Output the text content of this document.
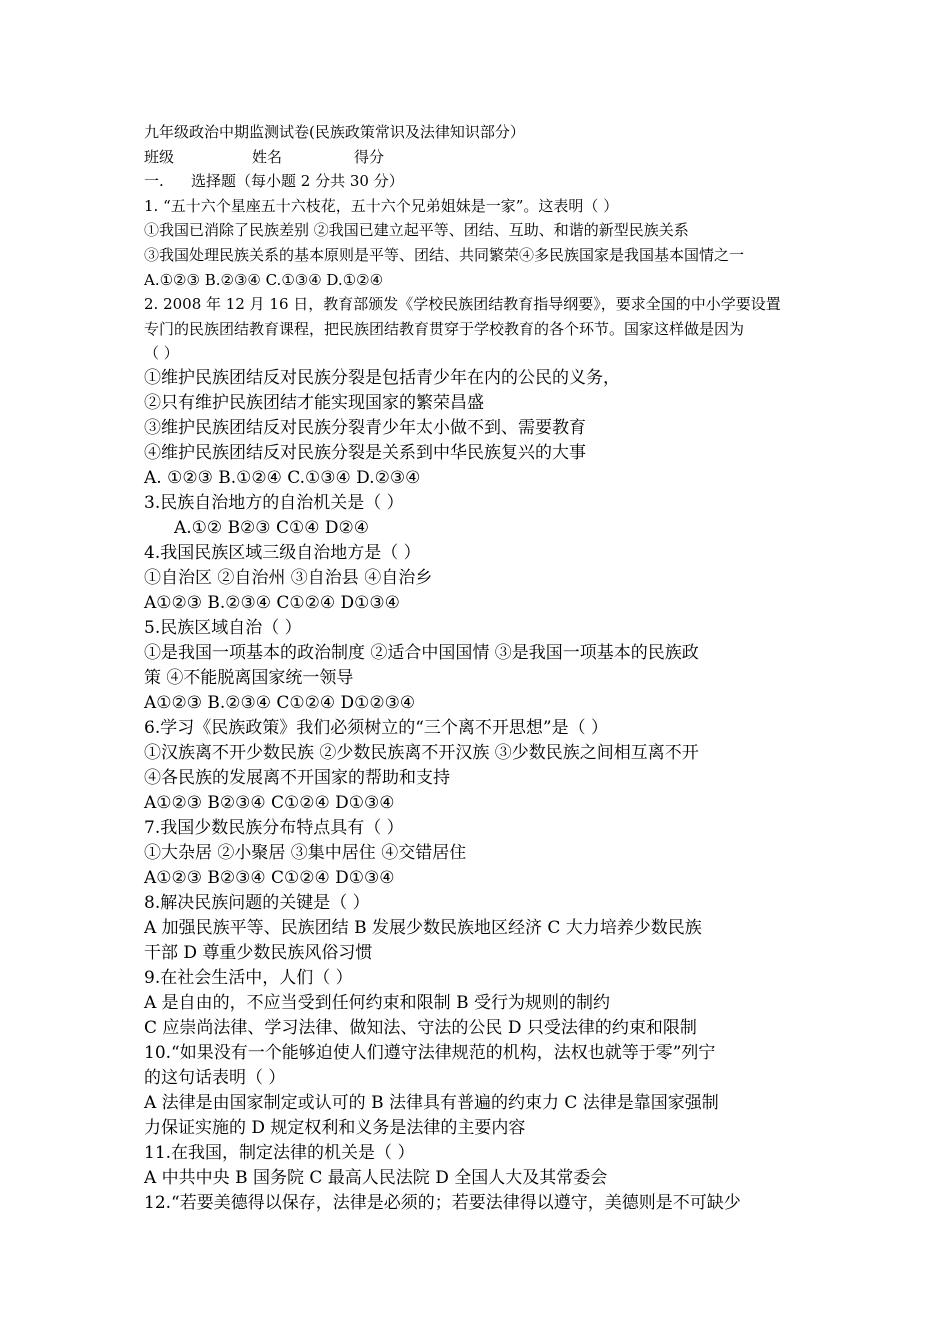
九年级政治中期监测试卷(民族政策常识及法律知识部分）
班级	姓名	得分
一. 选择题（每小题 2 分共 30 分）
1. “五十六个星座五十六枝花，五十六个兄弟姐妹是一家”。这表明（ ）
①我国已消除了民族差别 ②我国已建立起平等、团结、互助、和谐的新型民族关系
③我国处理民族关系的基本原则是平等、团结、共同繁荣④多民族国家是我国基本国情之一
A.①②③ B.②③④ C.①③④ D.①②④
2. 2008 年 12 月 16 日，教育部颁发《学校民族团结教育指导纲要》，要求全国的中小学要设置
专门的民族团结教育课程，把民族团结教育贯穿于学校教育的各个环节。国家这样做是因为
（ ）
①维护民族团结反对民族分裂是包括青少年在内的公民的义务，
②只有维护民族团结才能实现国家的繁荣昌盛
③维护民族团结反对民族分裂青少年太小做不到、需要教育
④维护民族团结反对民族分裂是关系到中华民族复兴的大事
A. ①②③ B.①②④ C.①③④ D.②③④
3.民族自治地方的自治机关是（ ）
A.①② B②③ C①④ D②④
4.我国民族区域三级自治地方是（ ）
①自治区 ②自治州 ③自治县 ④自治乡
A①②③ B.②③④ C①②④ D①③④
5.民族区域自治（ ）
①是我国一项基本的政治制度 ②适合中国国情 ③是我国一项基本的民族政
策 ④不能脱离国家统一领导
A①②③ B.②③④ C①②④ D①②③④
6.学习《民族政策》我们必须树立的“三个离不开思想”是（ ）
①汉族离不开少数民族 ②少数民族离不开汉族 ③少数民族之间相互离不开
④各民族的发展离不开国家的帮助和支持
A①②③ B②③④ C①②④ D①③④
7.我国少数民族分布特点具有（ ）
①大杂居 ②小聚居 ③集中居住 ④交错居住
A①②③ B②③④ C①②④ D①③④
8.解决民族问题的关键是（ ）
A 加强民族平等、民族团结 B 发展少数民族地区经济 C 大力培养少数民族
干部 D 尊重少数民族风俗习惯
9.在社会生活中，人们（ ）
A 是自由的，不应当受到任何约束和限制 B 受行为规则的制约
C 应崇尚法律、学习法律、做知法、守法的公民 D 只受法律的约束和限制
10.“如果没有一个能够迫使人们遵守法律规范的机构，法权也就等于零”列宁
的这句话表明（ ）
A 法律是由国家制定或认可的 B 法律具有普遍的约束力 C 法律是靠国家强制
力保证实施的 D 规定权利和义务是法律的主要内容
11.在我国，制定法律的机关是（ ）
A 中共中央 B 国务院 C 最高人民法院 D 全国人大及其常委会
12.“若要美德得以保存，法律是必须的；若要法律得以遵守，美德则是不可缺少
